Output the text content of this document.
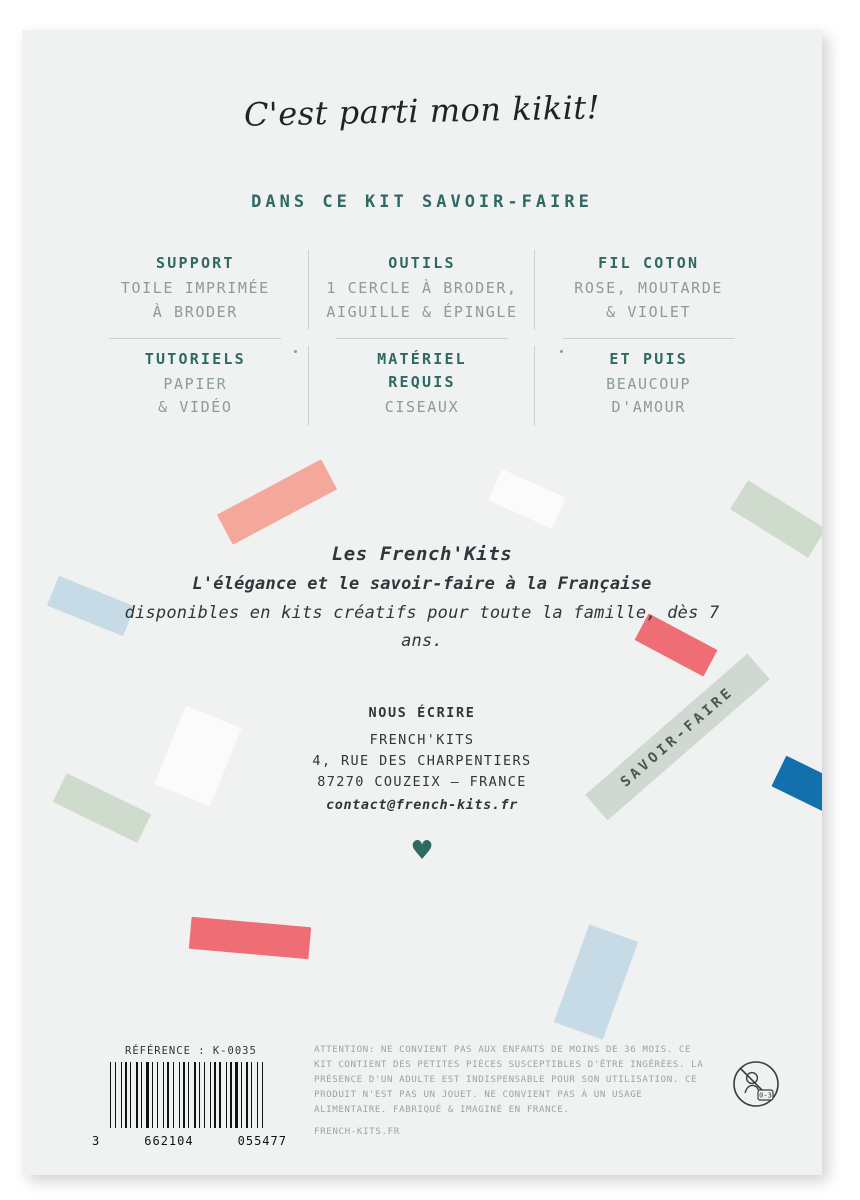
C'est parti mon kikit!
DANS CE KIT SAVOIR-FAIRE
SUPPORT
TOILE IMPRIMÉE
À BRODER
OUTILS
1 CERCLE À BRODER,
AIGUILLE & ÉPINGLE
FIL COTON
ROSE, MOUTARDE
& VIOLET
TUTORIELS
PAPIER
& VIDÉO
MATÉRIEL
REQUIS
CISEAUX
ET PUIS
BEAUCOUP
D'AMOUR
Les French'Kits
L'élégance et le savoir-faire à la Française
disponibles en kits créatifs pour toute la famille, dès 7 ans.
SAVOIR-FAIRE
NOUS ÉCRIRE
FRENCH'KITS
4, RUE DES CHARPENTIERS
87270 COUZEIX — FRANCE
contact@french-kits.fr
♥
RÉFÉRENCE : K-0035
3	662104	055477
ATTENTION: NE CONVIENT PAS AUX ENFANTS DE MOINS DE 36 MOIS. CE KIT CONTIENT DES PETITES PIÈCES SUSCEPTIBLES D'ÊTRE INGÉRÉES. LA PRÉSENCE D'UN ADULTE EST INDISPENSABLE POUR SON UTILISATION. CE PRODUIT N'EST PAS UN JOUET. NE CONVIENT PAS À UN USAGE ALIMENTAIRE. FABRIQUÉ & IMAGINÉ EN FRANCE.
FRENCH-KITS.FR
0-3
